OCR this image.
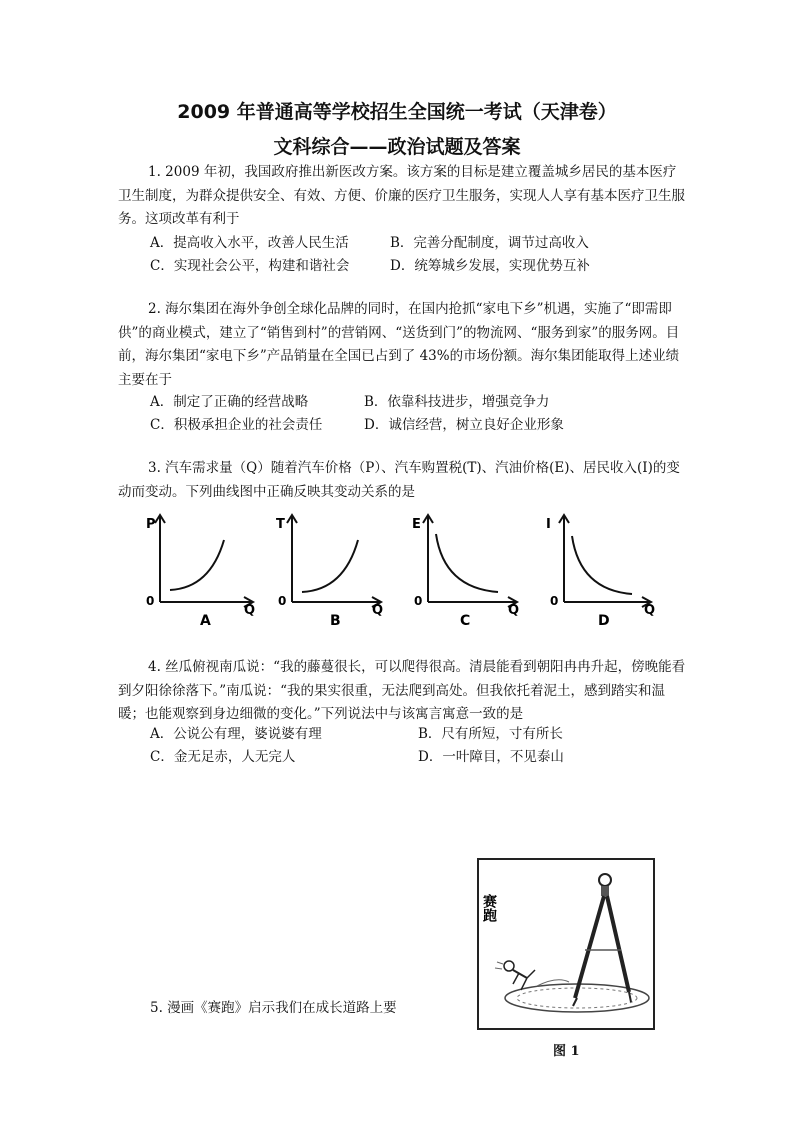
2009 年普通高等学校招生全国统一考试（天津卷）
文科综合——政治试题及答案
1. 2009 年初，我国政府推出新医改方案。该方案的目标是建立覆盖城乡居民的基本医疗卫生制度，为群众提供安全、有效、方便、价廉的医疗卫生服务，实现人人享有基本医疗卫生服务。这项改革有利于
A．提高收入水平，改善人民生活	B．完善分配制度，调节过高收入
C．实现社会公平，构建和谐社会	D．统筹城乡发展，实现优势互补
2. 海尔集团在海外争创全球化品牌的同时，在国内抢抓“家电下乡”机遇，实施了“即需即供”的商业模式，建立了“销售到村”的营销网、“送货到门”的物流网、“服务到家”的服务网。目前，海尔集团“家电下乡”产品销量在全国已占到了 43%的市场份额。海尔集团能取得上述业绩主要在于
A．制定了正确的经营战略	B．依靠科技进步，增强竞争力
C．积极承担企业的社会责任	D．诚信经营，树立良好企业形象
3. 汽车需求量（Q）随着汽车价格（P）、汽车购置税(T)、汽油价格(E)、居民收入(I)的变动而变动。下列曲线图中正确反映其变动关系的是
P
0
Q
A
T
0
Q
B
E
0
Q
C
I
0
Q
D
4. 丝瓜俯视南瓜说：“我的藤蔓很长，可以爬得很高。清晨能看到朝阳冉冉升起，傍晚能看到夕阳徐徐落下。”南瓜说：“我的果实很重，无法爬到高处。但我依托着泥土，感到踏实和温暖；也能观察到身边细微的变化。”下列说法中与该寓言寓意一致的是
A．公说公有理，婆说婆有理	B．尺有所短，寸有所长
C．金无足赤，人无完人	D．一叶障目，不见泰山
5. 漫画《赛跑》启示我们在成长道路上要
赛跑
图 1
